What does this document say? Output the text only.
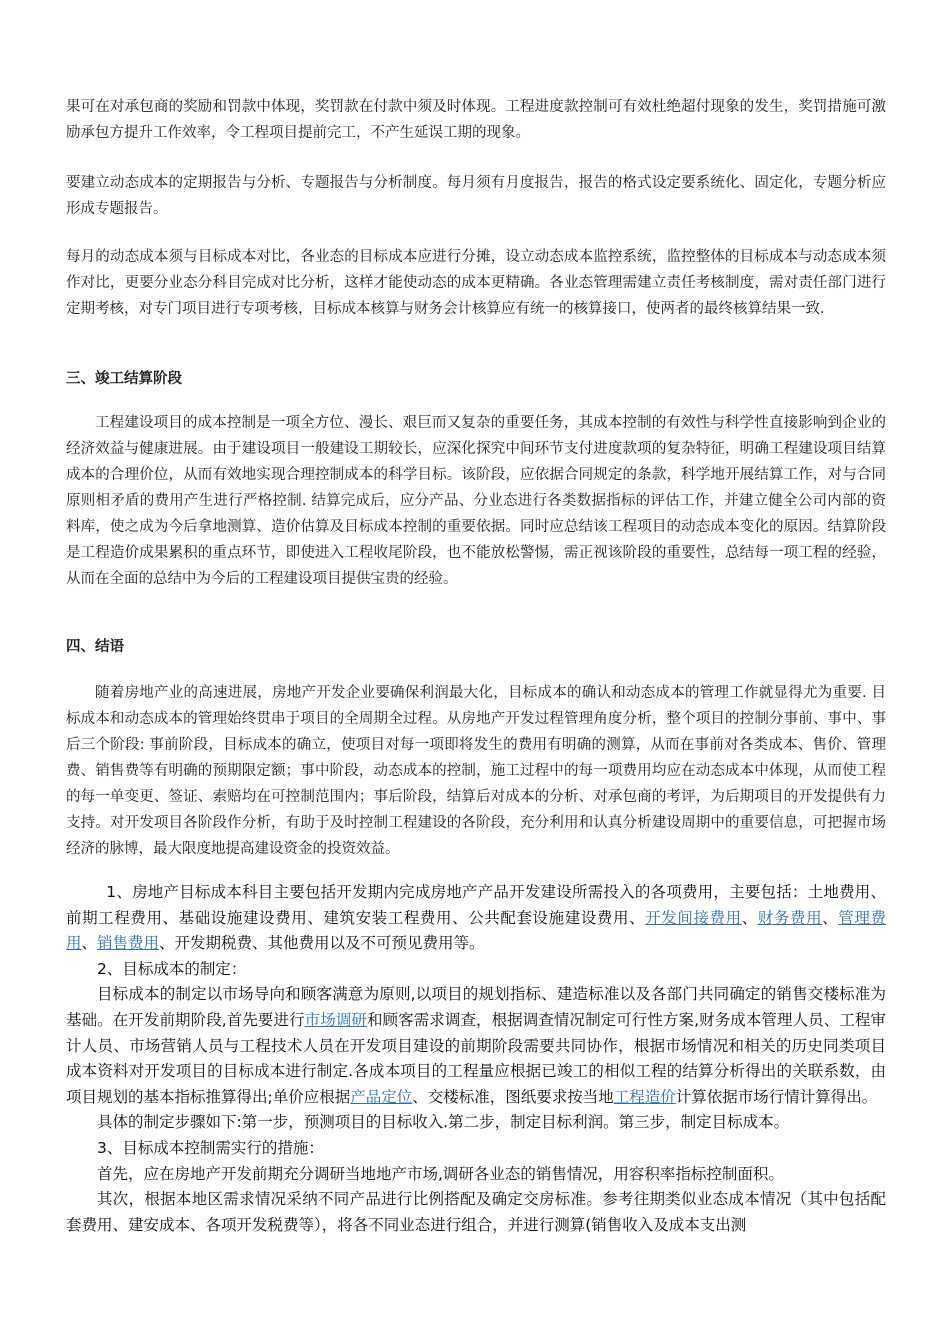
果可在对承包商的奖励和罚款中体现，奖罚款在付款中须及时体现。工程进度款控制可有效杜绝超付现象的发生，奖罚措施可激励承包方提升工作效率，令工程项目提前完工，不产生延误工期的现象。

要建立动态成本的定期报告与分析、专题报告与分析制度。每月须有月度报告，报告的格式设定要系统化、固定化，专题分析应形成专题报告。

每月的动态成本须与目标成本对比，各业态的目标成本应进行分摊，设立动态成本监控系统，监控整体的目标成本与动态成本须作对比，更要分业态分科目完成对比分析，这样才能使动态的成本更精确。各业态管理需建立责任考核制度，需对责任部门进行定期考核，对专门项目进行专项考核，目标成本核算与财务会计核算应有统一的核算接口，使两者的最终核算结果一致.

三、竣工结算阶段

工程建设项目的成本控制是一项全方位、漫长、艰巨而又复杂的重要任务，其成本控制的有效性与科学性直接影响到企业的经济效益与健康进展。由于建设项目一般建设工期较长，应深化探究中间环节支付进度款项的复杂特征，明确工程建设项目结算成本的合理价位，从而有效地实现合理控制成本的科学目标。该阶段，应依据合同规定的条款，科学地开展结算工作，对与合同原则相矛盾的费用产生进行严格控制. 结算完成后，应分产品、分业态进行各类数据指标的评估工作，并建立健全公司内部的资料库，使之成为今后拿地测算、造价估算及目标成本控制的重要依据。同时应总结该工程项目的动态成本变化的原因。结算阶段是工程造价成果累积的重点环节，即使进入工程收尾阶段，也不能放松警惕，需正视该阶段的重要性，总结每一项工程的经验，从而在全面的总结中为今后的工程建设项目提供宝贵的经验。

四、结语

随着房地产业的高速进展，房地产开发企业要确保利润最大化，目标成本的确认和动态成本的管理工作就显得尤为重要. 目标成本和动态成本的管理始终贯串于项目的全周期全过程。从房地产开发过程管理角度分析，整个项目的控制分事前、事中、事后三个阶段: 事前阶段，目标成本的确立，使项目对每一项即将发生的费用有明确的测算，从而在事前对各类成本、售价、管理费、销售费等有明确的预期限定额；事中阶段，动态成本的控制，施工过程中的每一项费用均应在动态成本中体现，从而使工程的每一单变更、签证、索赔均在可控制范围内；事后阶段，结算后对成本的分析、对承包商的考评，为后期项目的开发提供有力支持。对开发项目各阶段作分析，有助于及时控制工程建设的各阶段，充分利用和认真分析建设周期中的重要信息，可把握市场经济的脉博，最大限度地提高建设资金的投资效益。

1、房地产目标成本科目主要包括开发期内完成房地产产品开发建设所需投入的各项费用，主要包括：土地费用、前期工程费用、基础设施建设费用、建筑安装工程费用、公共配套设施建设费用、开发间接费用、财务费用、管理费用、销售费用、开发期税费、其他费用以及不可预见费用等。

2、目标成本的制定：

目标成本的制定以市场导向和顾客满意为原则,以项目的规划指标、建造标准以及各部门共同确定的销售交楼标准为基础。在开发前期阶段,首先要进行市场调研和顾客需求调查，根据调查情况制定可行性方案,财务成本管理人员、工程审计人员、市场营销人员与工程技术人员在开发项目建设的前期阶段需要共同协作，根据市场情况和相关的历史同类项目成本资料对开发项目的目标成本进行制定.各成本项目的工程量应根据已竣工的相似工程的结算分析得出的关联系数，由项目规划的基本指标推算得出;单价应根据产品定位、交楼标准，图纸要求按当地工程造价计算依据市场行情计算得出。

具体的制定步骤如下:第一步，预测项目的目标收入.第二步，制定目标利润。第三步，制定目标成本。

3、目标成本控制需实行的措施：

首先，应在房地产开发前期充分调研当地地产市场,调研各业态的销售情况，用容积率指标控制面积。

其次，根据本地区需求情况采纳不同产品进行比例搭配及确定交房标准。参考往期类似业态成本情况（其中包括配套费用、建安成本、各项开发税费等），将各不同业态进行组合，并进行测算(销售收入及成本支出测
